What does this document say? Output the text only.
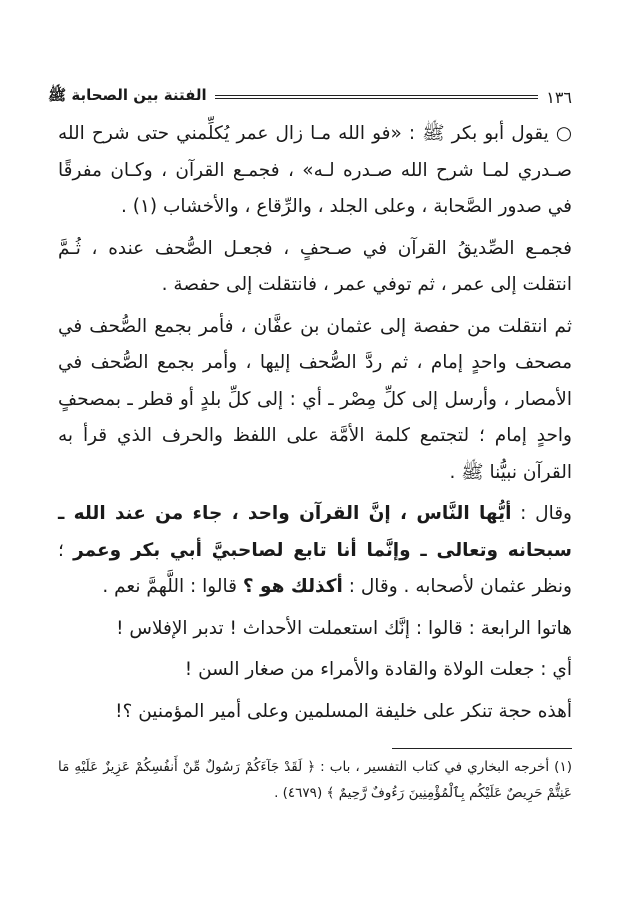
١٣٦
الفتنة بين الصحابة ﷺ

○ يقول أبو بكر ﷺ : «فو الله مـا زال عمر يُكلِّمني حتى شرح الله صـدري لمـا شرح الله صـدره لـه» ، فجمـع القرآن ، وكـان مفرقًا في صدور الصَّحابة ، وعلى الجلد ، والرِّقاع ، والأخشاب (١) .

فجمـع الصِّديقُ القرآن في صـحفٍ ، فجعـل الصُّحف عنده ، ثُـمَّ انتقلت إلى عمر ، ثم توفي عمر ، فانتقلت إلى حفصة .

ثم انتقلت من حفصة إلى عثمان بن عفَّان ، فأمر بجمع الصُّحف في مصحف واحدٍ إمام ، ثم ردَّ الصُّحف إليها ، وأمر بجمع الصُّحف في الأمصار ، وأرسل إلى كلِّ مِصْر ـ أي : إلى كلِّ بلدٍ أو قطر ـ بمصحفٍ واحدٍ إمام ؛ لتجتمع كلمة الأمَّة على اللفظ والحرف الذي قرأ به القرآن نبيُّنا ﷺ .

وقال : أيُّها النَّاس ، إنَّ القرآن واحد ، جاء من عند الله ـ سبحانه وتعالى ـ وإنَّما أنا تابع لصاحبيَّ أبي بكر وعمر ؛ ونظر عثمان لأصحابه . وقال : أكذلك هو ؟ قالوا : اللَّهمَّ نعم .

هاتوا الرابعة : قالوا : إنَّك استعملت الأحداث ! تدبر الإفلاس !

أي : جعلت الولاة والقادة والأمراء من صغار السن !

أهذه حجة تنكر على خليفة المسلمين وعلى أمير المؤمنين ؟!

(١) أخرجه البخاري في كتاب التفسير ، باب : ﴿ لَقَدْ جَآءَكُمْ رَسُولٌ مِّنْ أَنفُسِكُمْ عَزِيزٌ عَلَيْهِ مَا عَنِتُّمْ حَرِيصٌ عَلَيْكُم بِٱلْمُؤْمِنِينَ رَءُوفٌ رَّحِيمٌ ﴾ (٤٦٧٩) .
